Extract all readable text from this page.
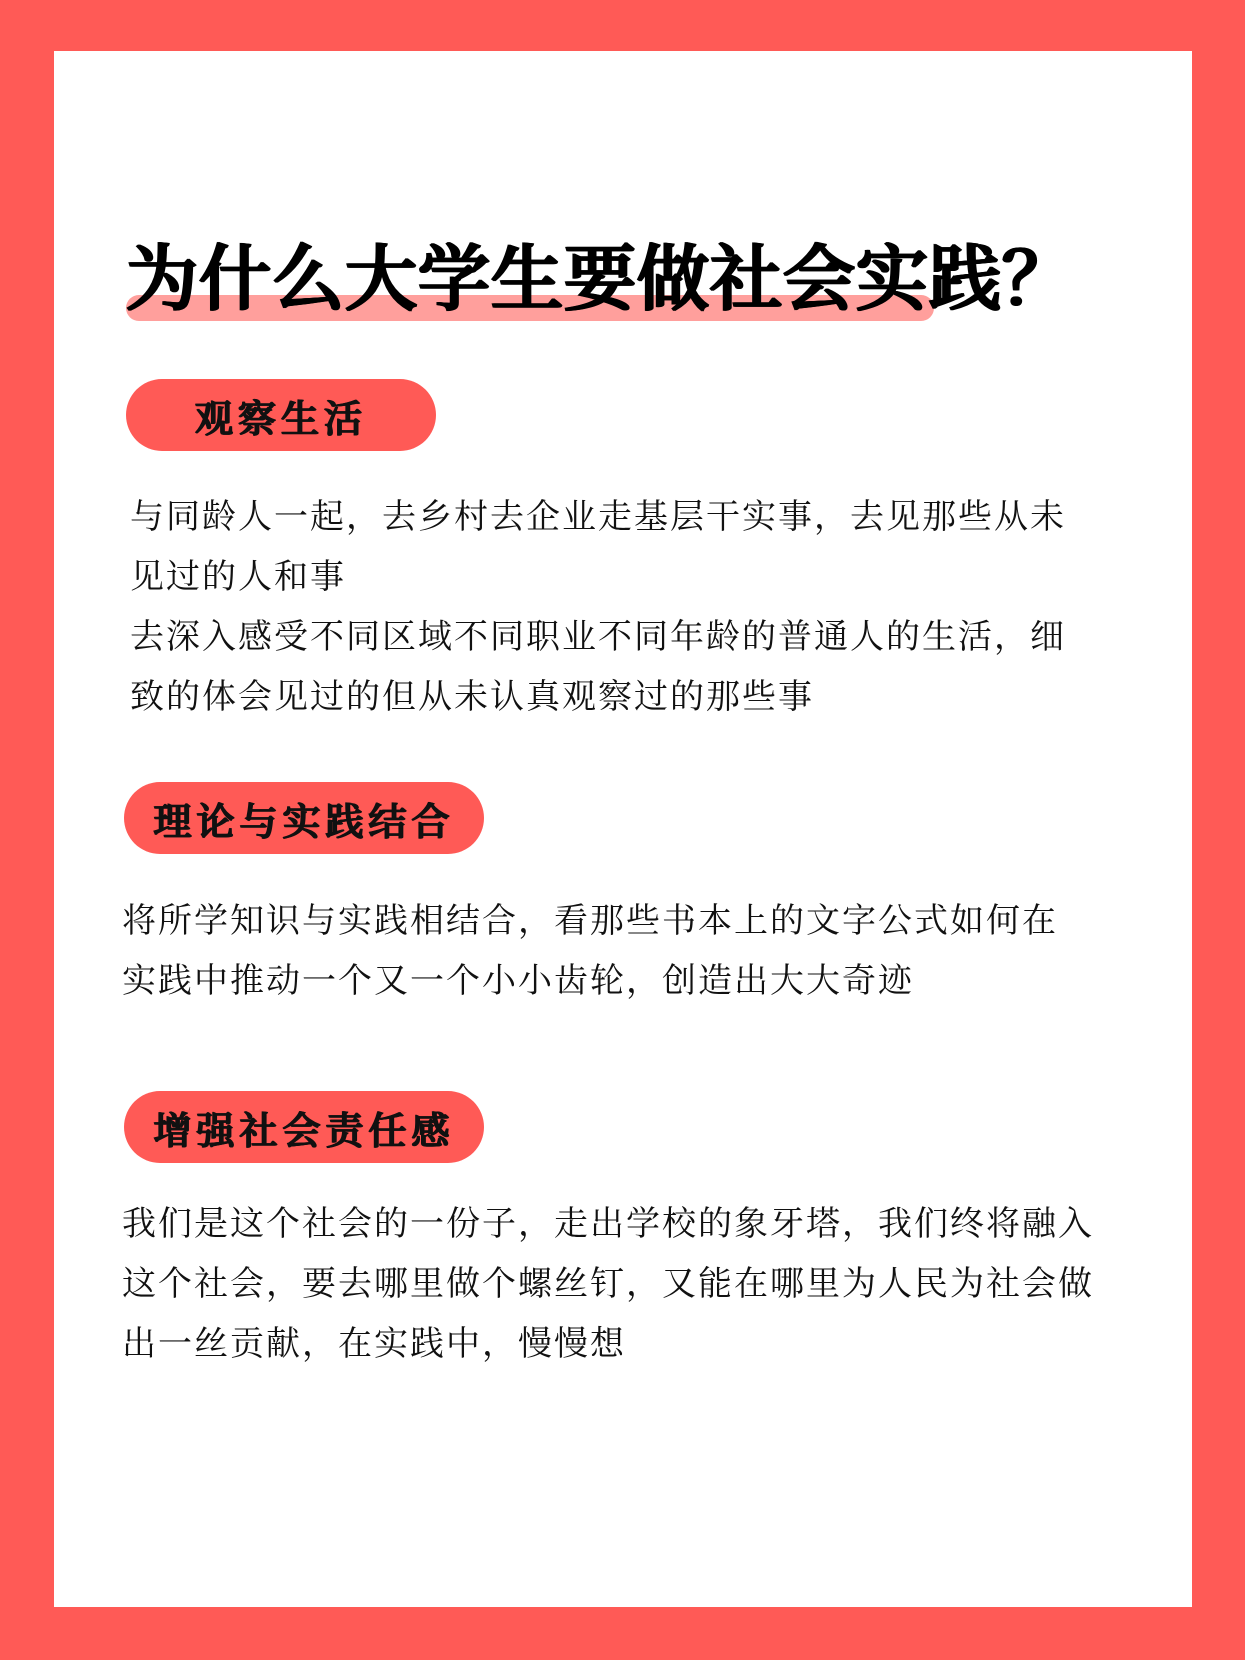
为什么大学生要做社会实践？
观察生活
与同龄人一起，去乡村去企业走基层干实事，去见那些从未
见过的人和事
去深入感受不同区域不同职业不同年龄的普通人的生活，细
致的体会见过的但从未认真观察过的那些事
理论与实践结合
将所学知识与实践相结合，看那些书本上的文字公式如何在
实践中推动一个又一个小小齿轮，创造出大大奇迹
增强社会责任感
我们是这个社会的一份子，走出学校的象牙塔，我们终将融入
这个社会，要去哪里做个螺丝钉，又能在哪里为人民为社会做
出一丝贡献，在实践中，慢慢想
